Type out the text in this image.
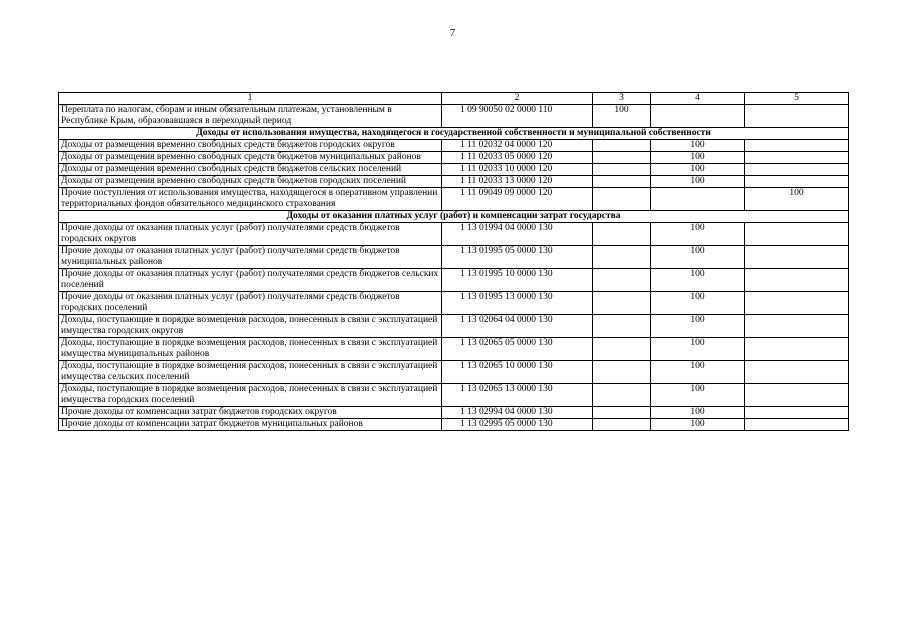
7
1	2	3	4	5
Переплата по налогам, сборам и иным обязательным платежам, установленным в Республике Крым, образовавшаяся в переходный период	1 09 90050 02 0000 110	100		
Доходы от использования имущества, находящегося в государственной собственности и муниципальной собственности				
Доходы от размещения временно свободных средств бюджетов городских округов	1 11 02032 04 0000 120		100	
Доходы от размещения временно свободных средств бюджетов муниципальных районов	1 11 02033 05 0000 120		100	
Доходы от размещения временно свободных средств бюджетов сельских поселений	1 11 02033 10 0000 120		100	
Доходы от размещения временно свободных средств бюджетов городских поселений	1 11 02033 13 0000 120		100	
Прочие поступления от использования имущества, находящегося в оперативном управлении территориальных фондов обязательного медицинского страхования	1 11 09049 09 0000 120			100
Доходы от оказания платных услуг (работ) и компенсации затрат государства				
Прочие доходы от оказания платных услуг (работ) получателями средств бюджетов городских округов	1 13 01994 04 0000 130		100	
Прочие доходы от оказания платных услуг (работ) получателями средств бюджетов муниципальных районов	1 13 01995 05 0000 130		100	
Прочие доходы от оказания платных услуг (работ) получателями средств бюджетов сельских поселений	1 13 01995 10 0000 130		100	
Прочие доходы от оказания платных услуг (работ) получателями средств бюджетов городских поселений	1 13 01995 13 0000 130		100	
Доходы, поступающие в порядке возмещения расходов, понесенных в связи с эксплуатацией имущества городских округов	1 13 02064 04 0000 130		100	
Доходы, поступающие в порядке возмещения расходов, понесенных в связи с эксплуатацией имущества муниципальных районов	1 13 02065 05 0000 130		100	
Доходы, поступающие в порядке возмещения расходов, понесенных в связи с эксплуатацией имущества сельских поселений	1 13 02065 10 0000 130		100	
Доходы, поступающие в порядке возмещения расходов, понесенных в связи с эксплуатацией имущества городских поселений	1 13 02065 13 0000 130		100	
Прочие доходы от компенсации затрат бюджетов городских округов	1 13 02994 04 0000 130		100	
Прочие доходы от компенсации затрат бюджетов муниципальных районов	1 13 02995 05 0000 130		100	
